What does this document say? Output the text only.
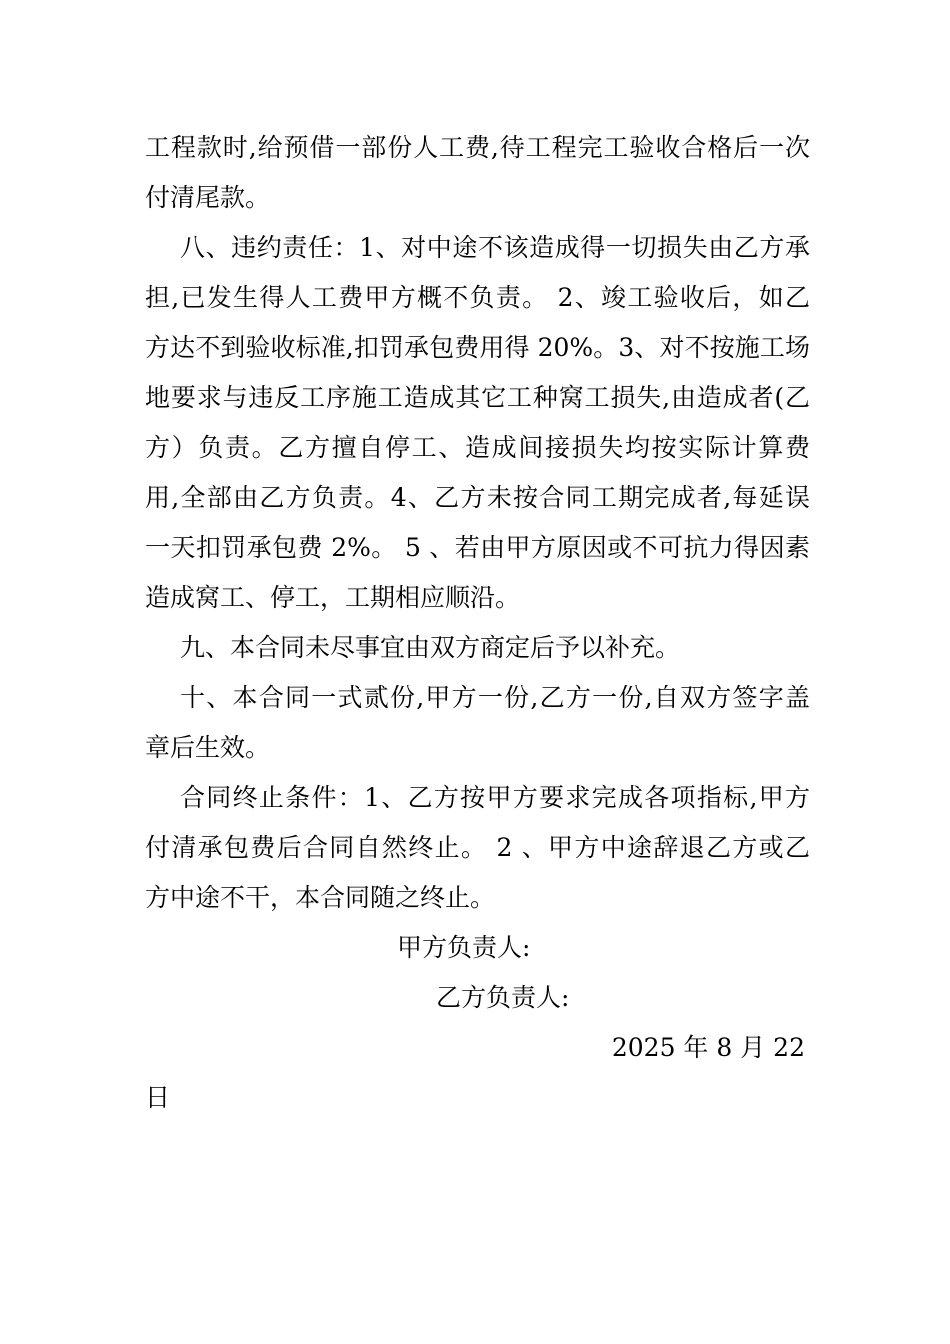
工程款时,给预借一部份人工费,待工程完工验收合格后一次
付清尾款。
八、违约责任：1、对中途不该造成得一切损失由乙方承
担,已发生得人工费甲方概不负责。 2、竣工验收后，如乙
方达不到验收标准,扣罚承包费用得 20%。3、对不按施工场
地要求与违反工序施工造成其它工种窝工损失,由造成者(乙
方）负责。乙方擅自停工、造成间接损失均按实际计算费
用,全部由乙方负责。4、乙方未按合同工期完成者,每延误
一天扣罚承包费 2%。 5 、若由甲方原因或不可抗力得因素
造成窝工、停工，工期相应顺沿。
九、本合同未尽事宜由双方商定后予以补充。
十、本合同一式贰份,甲方一份,乙方一份,自双方签字盖
章后生效。
合同终止条件：1、乙方按甲方要求完成各项指标,甲方
付清承包费后合同自然终止。 2 、甲方中途辞退乙方或乙
方中途不干，本合同随之终止。
甲方负责人:
乙方负责人:
2025 年 8 月 22
日
